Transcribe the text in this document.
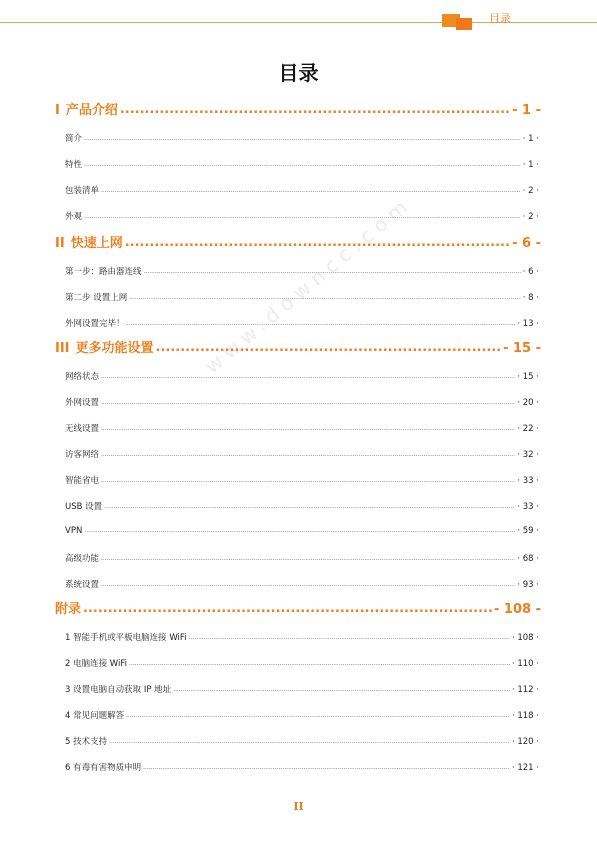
目录
目录
www.downcc.com
I 产品介绍 .....	- 1 -
简介 .....	· 1 ·
特性 .....	· 1 ·
包装清单 .....	· 2 ·
外观 .....	· 2 ·
II 快速上网 .....	- 6 -
第一步：路由器连线 .....	· 6 ·
第二步 设置上网 .....	· 8 ·
外网设置完毕！ .....	· 13 ·
III 更多功能设置 .....	- 15 -
网络状态 .....	· 15 ·
外网设置 .....	· 20 ·
无线设置 .....	· 22 ·
访客网络 .....	· 32 ·
智能省电 .....	· 33 ·
USB 设置 .....	· 33 ·
VPN .....	· 59 ·
高级功能 .....	· 68 ·
系统设置 .....	· 93 ·
附录 .....	- 108 -
1 智能手机或平板电脑连接 WiFi .....	· 108 ·
2 电脑连接 WiFi .....	· 110 ·
3 设置电脑自动获取 IP 地址 .....	· 112 ·
4 常见问题解答 .....	· 118 ·
5 技术支持 .....	· 120 ·
6 有毒有害物质申明 .....	· 121 ·
II
